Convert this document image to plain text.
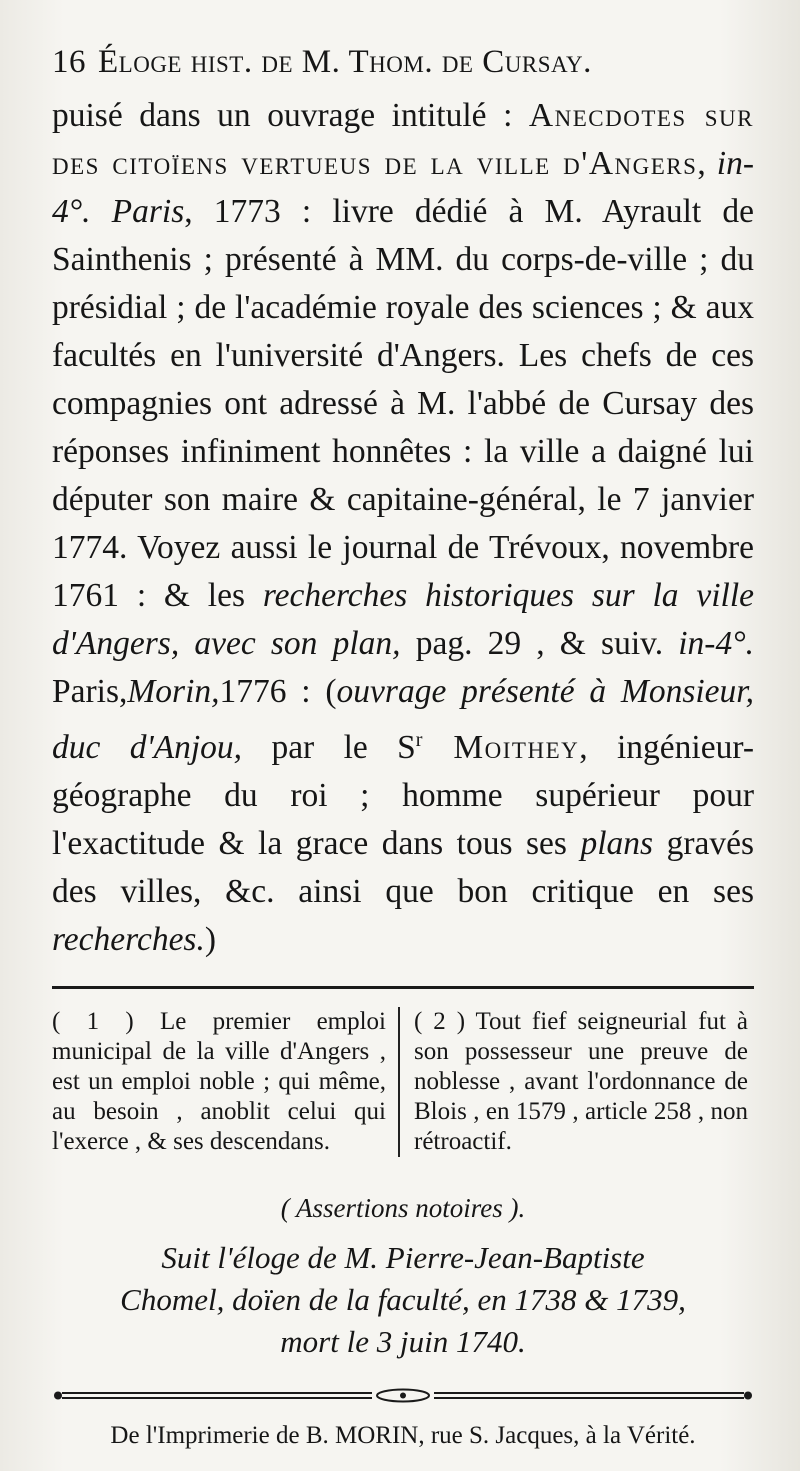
16 Éloge hist. de M. Thom. de Cursay.
puisé dans un ouvrage intitulé : Anecdotes sur des citoïens vertueus de la ville d'Angers, in-4°. Paris, 1773 : livre dédié à M. Ayrault de Sainthenis ; présenté à MM. du corps-de-ville ; du présidial ; de l'académie royale des sciences ; & aux facultés en l'université d'Angers. Les chefs de ces compagnies ont adressé à M. l'abbé de Cursay des réponses infiniment honnêtes : la ville a daigné lui députer son maire & capitaine-général, le 7 janvier 1774. Voyez aussi le journal de Trévoux, novembre 1761 : & les recherches historiques sur la ville d'Angers, avec son plan, pag. 29 , & suiv. in-4°. Paris,Morin,1776 : (ouvrage présenté à Monsieur, duc d'Anjou, par le $S^r$ Moithey, ingénieur-géographe du roi ; homme supérieur pour l'exactitude & la grace dans tous ses plans gravés des villes, &c. ainsi que bon critique en ses recherches.)
( 1 ) Le premier emploi municipal de la ville d'Angers , est un emploi noble ; qui même, au besoin , anoblit celui qui l'exerce , & ses descendans.
( 2 ) Tout fief seigneurial fut à son possesseur une preuve de noblesse , avant l'ordonnance de Blois , en 1579 , article 258 , non rétroactif.
( Assertions notoires ).
Suit l'éloge de M. Pierre-Jean-Baptiste
Chomel, doïen de la faculté, en 1738 & 1739,
mort le 3 juin 1740.
De l'Imprimerie de B. MORIN, rue S. Jacques, à la Vérité.
